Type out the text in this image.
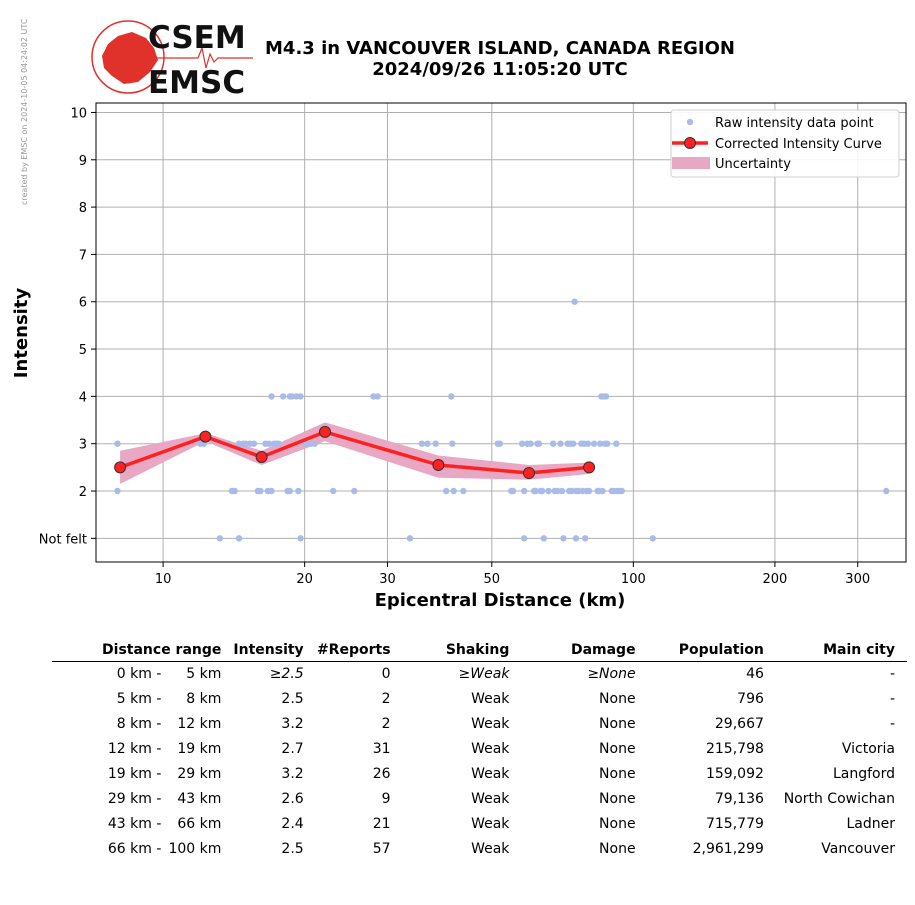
created by EMSC on 2024-10-05 04:24:02 UTC	CSEM
EMSC
M4.3 in VANCOUVER ISLAND, CANADA REGION
2024/09/26 11:05:20 UTC
10	20	30	50	100	200	300
Not felt
2
3
4
5
6
7
8
9
10
Raw intensity data point
Corrected Intensity Curve
Uncertainty
Epicentral Distance (km)
Intensity
Distance range	Intensity	#Reports	Shaking	Damage	Population	Main city
0 km - 5 km	≥2.5	0	≥Weak	≥None	46	-
5 km - 8 km	2.5	2	Weak	None	796	-
8 km - 12 km	3.2	2	Weak	None	29,667	-
12 km - 19 km	2.7	31	Weak	None	215,798	Victoria
19 km - 29 km	3.2	26	Weak	None	159,092	Langford
29 km - 43 km	2.6	9	Weak	None	79,136	North Cowichan
43 km - 66 km	2.4	21	Weak	None	715,779	Ladner
66 km - 100 km	2.5	57	Weak	None	2,961,299	Vancouver
